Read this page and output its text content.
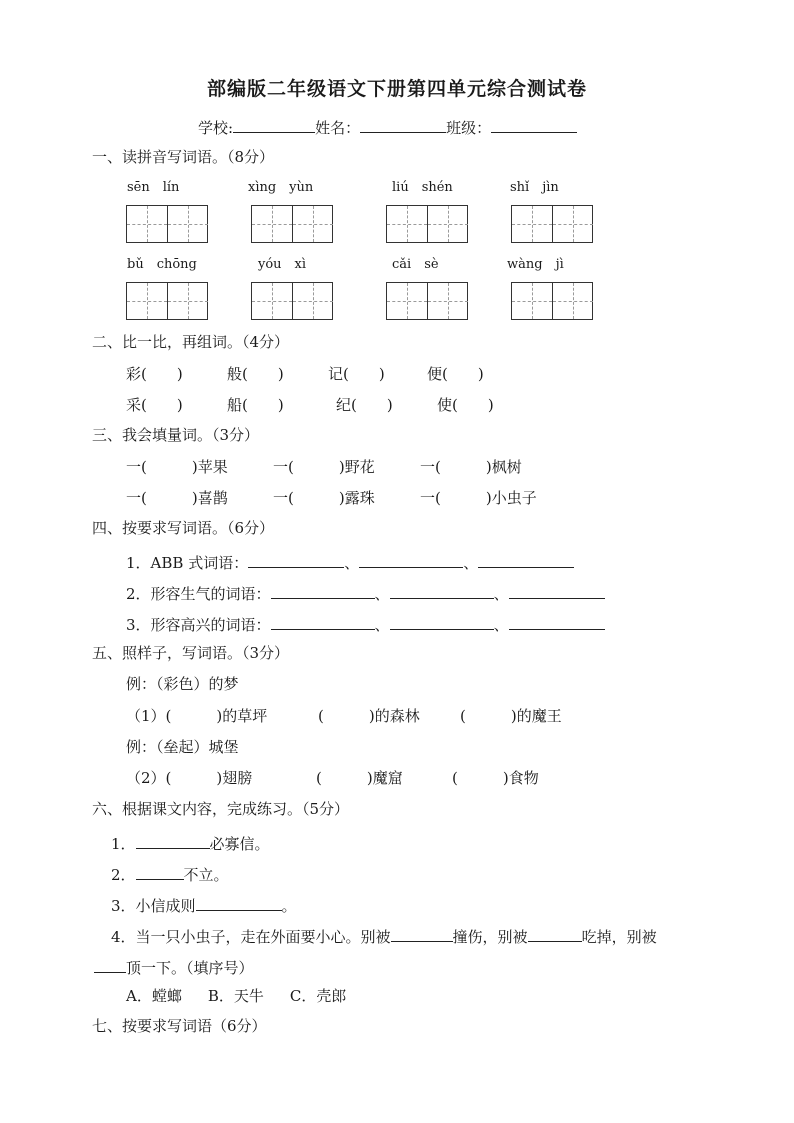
部编版二年级语文下册第四单元综合测试卷
学校:	姓名：	班级：
一、读拼音写词语。（8分）
sēn　lín	xìng　yùn	liú　shén	shǐ　jìn
bǔ　chōng	yóu　xì	cǎi　sè	wàng　jì
二、比一比，再组词。（4分）
彩(　　)	般(　　)	记(　　)	便(　　)
采(　　)	船(　　)	纪(　　)	使(　　)
三、我会填量词。（3分）
一(　　　)苹果	一(　　　)野花	一(　　　)枫树
一(　　　)喜鹊	一(　　　)露珠	一(　　　)小虫子
四、按要求写词语。（6分）
1．ABB 式词语：	、	、
2．形容生气的词语：	、	、
3．形容高兴的词语：	、	、
五、照样子，写词语。（3分）
例：（彩色）的梦
（1）(　　　)的草坪	(　　　)的森林	(　　　)的魔王
例：（垒起）城堡
（2）(　　　)翅膀	(　　　)魔窟	(　　　)食物
六、根据课文内容，完成练习。（5分）
1．	必寡信。
2．	不立。
3．小信成则	。
4．当一只小虫子，走在外面要小心。别被	撞伤，别被	吃掉，别被
顶一下。（填序号）
A．螳螂 B．天牛 C．壳郎
七、按要求写词语（6分）
